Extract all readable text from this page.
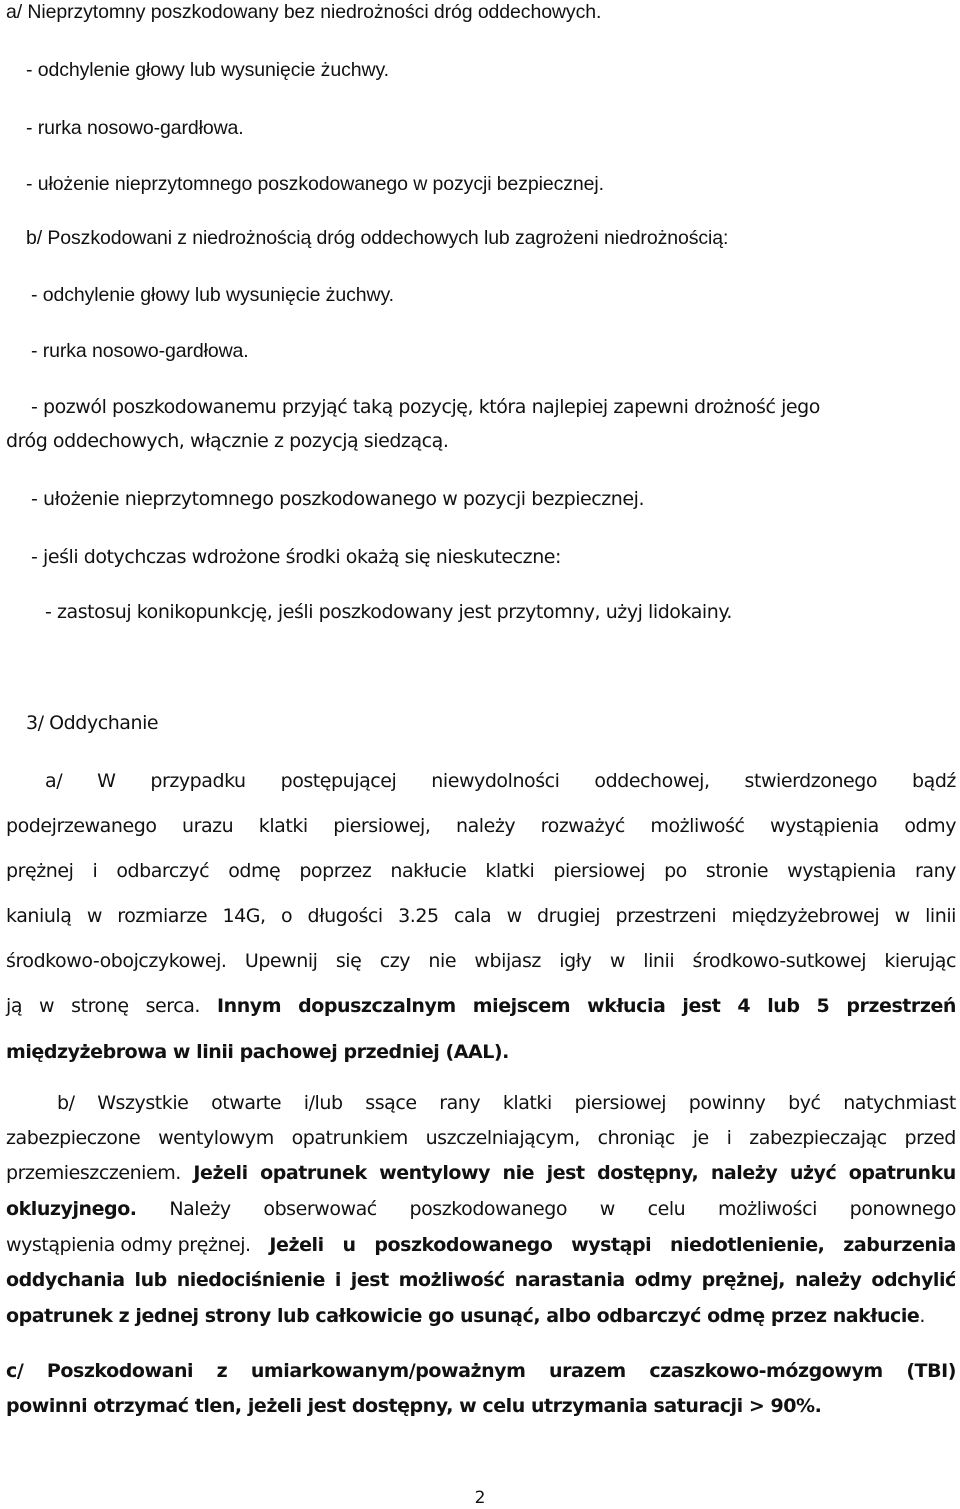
a/ Nieprzytomny poszkodowany bez niedrożności dróg oddechowych.

- odchylenie głowy lub wysunięcie żuchwy.

- rurka nosowo-gardłowa.

- ułożenie nieprzytomnego poszkodowanego w pozycji bezpiecznej.

b/ Poszkodowani z niedrożnością dróg oddechowych lub zagrożeni niedrożnością:

- odchylenie głowy lub wysunięcie żuchwy.

- rurka nosowo-gardłowa.

- pozwól poszkodowanemu przyjąć taką pozycję, która najlepiej zapewni drożność jego

dróg oddechowych, włącznie z pozycją siedzącą.

- ułożenie nieprzytomnego poszkodowanego w pozycji bezpiecznej.

- jeśli dotychczas wdrożone środki okażą się nieskuteczne:

- zastosuj konikopunkcję, jeśli poszkodowany jest przytomny, użyj lidokainy.

3/ Oddychanie

a/ W przypadku postępującej niewydolności oddechowej, stwierdzonego bądź
podejrzewanego urazu klatki piersiowej, należy rozważyć możliwość wystąpienia odmy
prężnej i odbarczyć odmę poprzez nakłucie klatki piersiowej po stronie wystąpienia rany
kaniulą w rozmiarze 14G, o długości 3.25 cala w drugiej przestrzeni międzyżebrowej w linii
środkowo-obojczykowej. Upewnij się czy nie wbijasz igły w linii środkowo-sutkowej kierując
ją w stronę serca. Innym dopuszczalnym miejscem wkłucia jest 4 lub 5 przestrzeń

międzyżebrowa w linii pachowej przedniej (AAL).

b/ Wszystkie otwarte i/lub ssące rany klatki piersiowej powinny być natychmiast
zabezpieczone wentylowym opatrunkiem uszczelniającym, chroniąc je i zabezpieczając przed
przemieszczeniem. Jeżeli opatrunek wentylowy nie jest dostępny, należy użyć opatrunku
okluzyjnego. Należy obserwować poszkodowanego w celu możliwości ponownego
wystąpienia odmy prężnej. Jeżeli u poszkodowanego wystąpi niedotlenienie, zaburzenia
oddychania lub niedociśnienie i jest możliwość narastania odmy prężnej, należy odchylić

opatrunek z jednej strony lub całkowicie go usunąć, albo odbarczyć odmę przez nakłucie.

c/ Poszkodowani z umiarkowanym/poważnym urazem czaszkowo-mózgowym (TBI)

powinni otrzymać tlen, jeżeli jest dostępny, w celu utrzymania saturacji > 90%.

2
